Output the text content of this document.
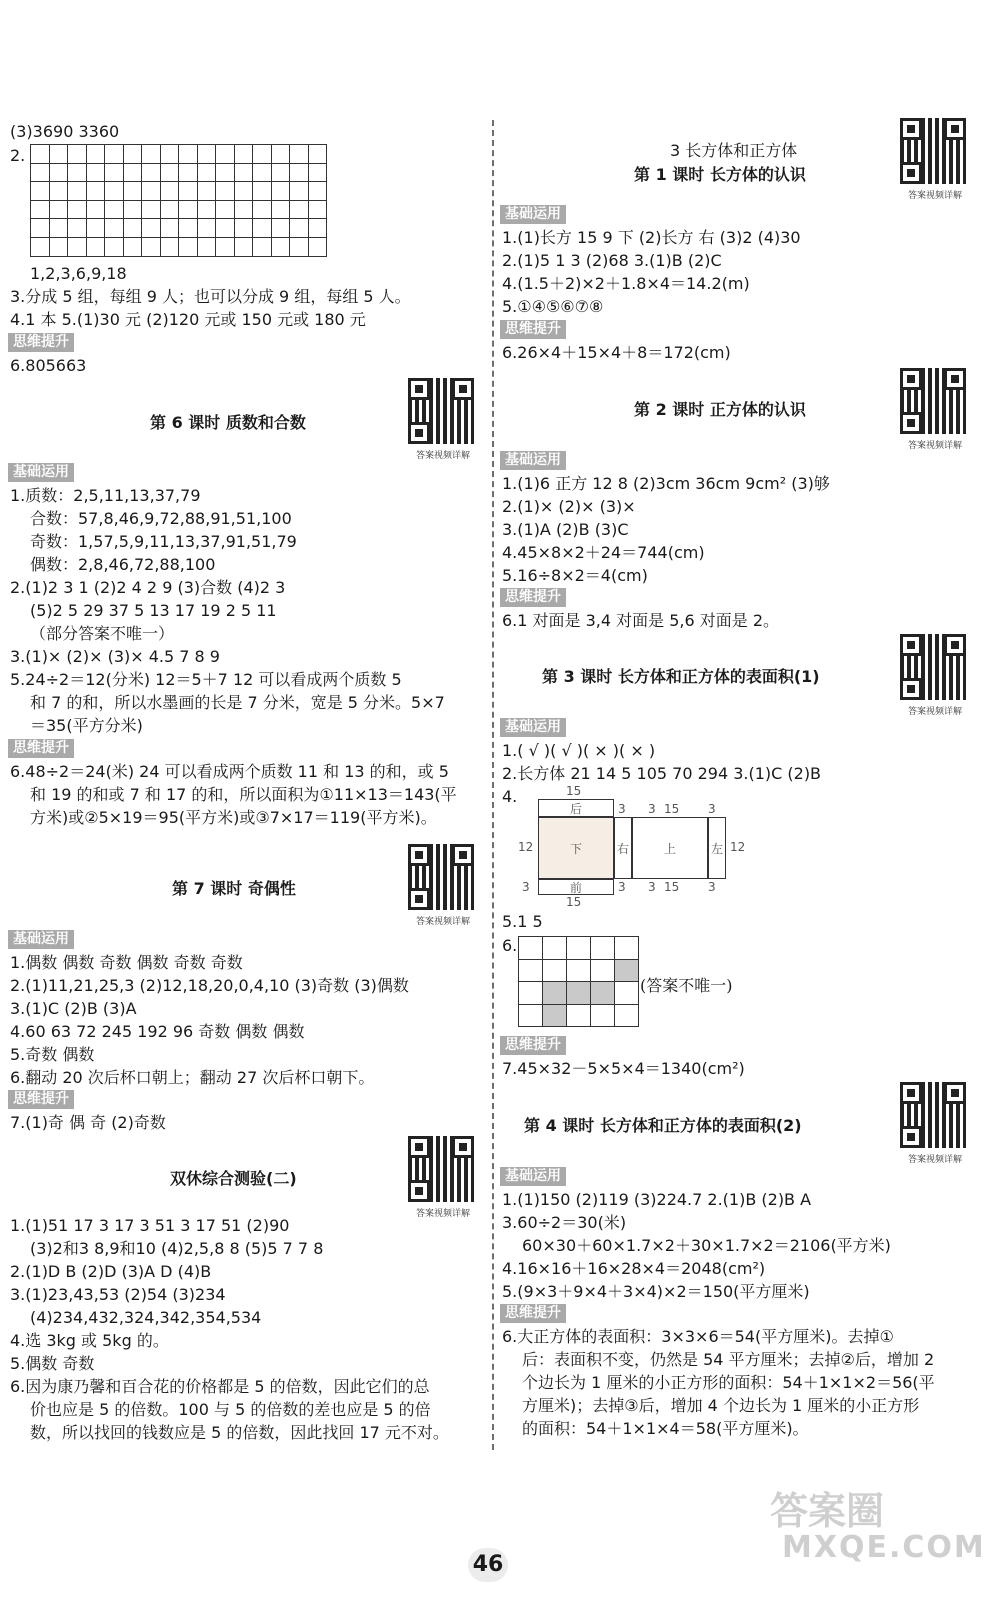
(3)3690 3360
2.
1,2,3,6,9,18
3.分成 5 组，每组 9 人；也可以分成 9 组，每组 5 人。
4.1 本 5.(1)30 元 (2)120 元或 150 元或 180 元
思维提升
6.805663
答案视频详解
第 6 课时 质数和合数
基础运用
1.质数：2,5,11,13,37,79
合数：57,8,46,9,72,88,91,51,100
奇数：1,57,5,9,11,13,37,91,51,79
偶数：2,8,46,72,88,100
2.(1)2 3 1 (2)2 4 2 9 (3)合数 (4)2 3
(5)2 5 29 37 5 13 17 19 2 5 11
（部分答案不唯一）
3.(1)× (2)× (3)× 4.5 7 8 9
5.24÷2＝12(分米) 12＝5＋7 12 可以看成两个质数 5
和 7 的和，所以水墨画的长是 7 分米，宽是 5 分米。5×7
＝35(平方分米)
思维提升
6.48÷2＝24(米) 24 可以看成两个质数 11 和 13 的和，或 5
和 19 的和或 7 和 17 的和，所以面积为①11×13＝143(平
方米)或②5×19＝95(平方米)或③7×17＝119(平方米)。
答案视频详解
第 7 课时 奇偶性
基础运用
1.偶数 偶数 奇数 偶数 奇数 奇数
2.(1)11,21,25,3 (2)12,18,20,0,4,10 (3)奇数 (3)偶数
3.(1)C (2)B (3)A
4.60 63 72 245 192 96 奇数 偶数 偶数
5.奇数 偶数
6.翻动 20 次后杯口朝上；翻动 27 次后杯口朝下。
思维提升
7.(1)奇 偶 奇 (2)奇数
答案视频详解
双休综合测验(二)
1.(1)51 17 3 17 3 51 3 17 51 (2)90
(3)2和3 8,9和10 (4)2,5,8 8 (5)5 7 7 8
2.(1)D B (2)D (3)A D (4)B
3.(1)23,43,53 (2)54 (3)234
(4)234,432,324,342,354,534
4.选 3kg 或 5kg 的。
5.偶数 奇数
6.因为康乃馨和百合花的价格都是 5 的倍数，因此它们的总
价也应是 5 的倍数。100 与 5 的倍数的差也应是 5 的倍
数，所以找回的钱数应是 5 的倍数，因此找回 17 元不对。
答案视频详解
3 长方体和正方体
第 1 课时 长方体的认识
基础运用
1.(1)长方 15 9 下 (2)长方 右 (3)2 (4)30
2.(1)5 1 3 (2)68 3.(1)B (2)C
4.(1.5＋2)×2＋1.8×4＝14.2(m)
5.①④⑤⑥⑦⑧
思维提升
6.26×4＋15×4＋8＝172(cm)
答案视频详解
第 2 课时 正方体的认识
基础运用
1.(1)6 正方 12 8 (2)3cm 36cm 9cm² (3)够
2.(1)× (2)× (3)×
3.(1)A (2)B (3)C
4.45×8×2＋24＝744(cm)
5.16÷8×2＝4(cm)
思维提升
6.1 对面是 3,4 对面是 5,6 对面是 2。
答案视频详解
第 3 课时 长方体和正方体的表面积(1)
基础运用
1.( √ )( √ )( × )( × )
2.长方体 21 14 5 105 70 294 3.(1)C (2)B
4.	15
后	3 3 15 3
下	右	上	左
12	12
3	前	3 3 15 3
15
5.1 5
6.
(答案不唯一)
思维提升
7.45×32－5×5×4＝1340(cm²)
答案视频详解
第 4 课时 长方体和正方体的表面积(2)
基础运用
1.(1)150 (2)119 (3)224.7 2.(1)B (2)B A
3.60÷2＝30(米)
60×30＋60×1.7×2＋30×1.7×2＝2106(平方米)
4.16×16＋16×28×4＝2048(cm²)
5.(9×3＋9×4＋3×4)×2＝150(平方厘米)
思维提升
6.大正方体的表面积：3×3×6＝54(平方厘米)。去掉①
后：表面积不变，仍然是 54 平方厘米；去掉②后，增加 2
个边长为 1 厘米的小正方形的面积：54＋1×1×2＝56(平
方厘米)；去掉③后，增加 4 个边长为 1 厘米的小正方形
的面积：54＋1×1×4＝58(平方厘米)。
46
答案圈
MXQE.COM
